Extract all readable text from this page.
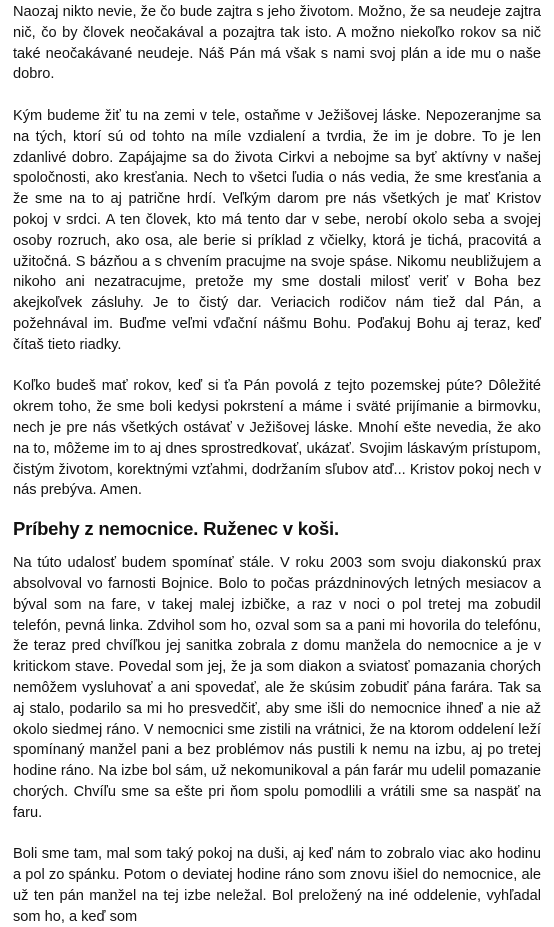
Naozaj nikto nevie, že čo bude zajtra s jeho životom. Možno, že sa neudeje zajtra nič, čo by človek neočakával a pozajtra tak isto. A možno niekoľko rokov sa nič také neočakávané neudeje. Náš Pán má však s nami svoj plán a ide mu o naše dobro.

Kým budeme žiť tu na zemi v tele, ostaňme v Ježišovej láske. Nepozeranjme sa na tých, ktorí sú od tohto na míle vzdialení a tvrdia, že im je dobre. To je len zdanlivé dobro. Zapájajme sa do života Cirkvi a nebojme sa byť aktívny v našej spoločnosti, ako kresťania. Nech to všetci ľudia o nás vedia, že sme kresťania a že sme na to aj patrične hrdí. Veľkým darom pre nás všetkých je mať Kristov pokoj v srdci. A ten človek, kto má tento dar v sebe, nerobí okolo seba a svojej osoby rozruch, ako osa, ale berie si príklad z včielky, ktorá je tichá, pracovitá a užitočná. S bázňou a s chvením pracujme na svoje spáse. Nikomu neubližujem a nikoho ani nezatracujme, pretože my sme dostali milosť veriť v Boha bez akejkoľvek zásluhy. Je to čistý dar. Veriacich rodičov nám tiež dal Pán, a požehnával im. Buďme veľmi vďační nášmu Bohu. Poďakuj Bohu aj teraz, keď čítaš tieto riadky.

Koľko budeš mať rokov, keď si ťa Pán povolá z tejto pozemskej púte? Dôležité okrem toho, že sme boli kedysi pokrstení a máme i sväté prijímanie a birmovku, nech je pre nás všetkých ostávať v Ježišovej láske. Mnohí ešte nevedia, že ako na to, môžeme im to aj dnes sprostredkovať, ukázať. Svojim láskavým prístupom, čistým životom, korektnými vzťahmi, dodržaním sľubov atď... Kristov pokoj nech v nás prebýva. Amen.

Príbehy z nemocnice. Ruženec v koši.

Na túto udalosť budem spomínať stále. V roku 2003 som svoju diakonskú prax absolvoval vo farnosti Bojnice. Bolo to počas prázdninových letných mesiacov a býval som na fare, v takej malej izbičke, a raz v noci o pol tretej ma zobudil telefón, pevná linka. Zdvihol som ho, ozval som sa a pani mi hovorila do telefónu, že teraz pred chvíľkou jej sanitka zobrala z domu manžela do nemocnice a je v kritickom stave. Povedal som jej, že ja som diakon a sviatosť pomazania chorých nemôžem vysluhovať a ani spovedať, ale že skúsim zobudiť pána farára. Tak sa aj stalo, podarilo sa mi ho presvedčiť, aby sme išli do nemocnice ihneď a nie až okolo siedmej ráno. V nemocnici sme zistili na vrátnici, že na ktorom oddelení leží spomínaný manžel pani a bez problémov nás pustili k nemu na izbu, aj po tretej hodine ráno. Na izbe bol sám, už nekomunikoval a pán farár mu udelil pomazanie chorých. Chvíľu sme sa ešte pri ňom spolu pomodlili a vrátili sme sa naspäť na faru.

Boli sme tam, mal som taký pokoj na duši, aj keď nám to zobralo viac ako hodinu a pol zo spánku. Potom o deviatej hodine ráno som znovu išiel do nemocnice, ale už ten pán manžel na tej izbe neležal. Bol preložený na iné oddelenie, vyhľadal som ho, a keď som
